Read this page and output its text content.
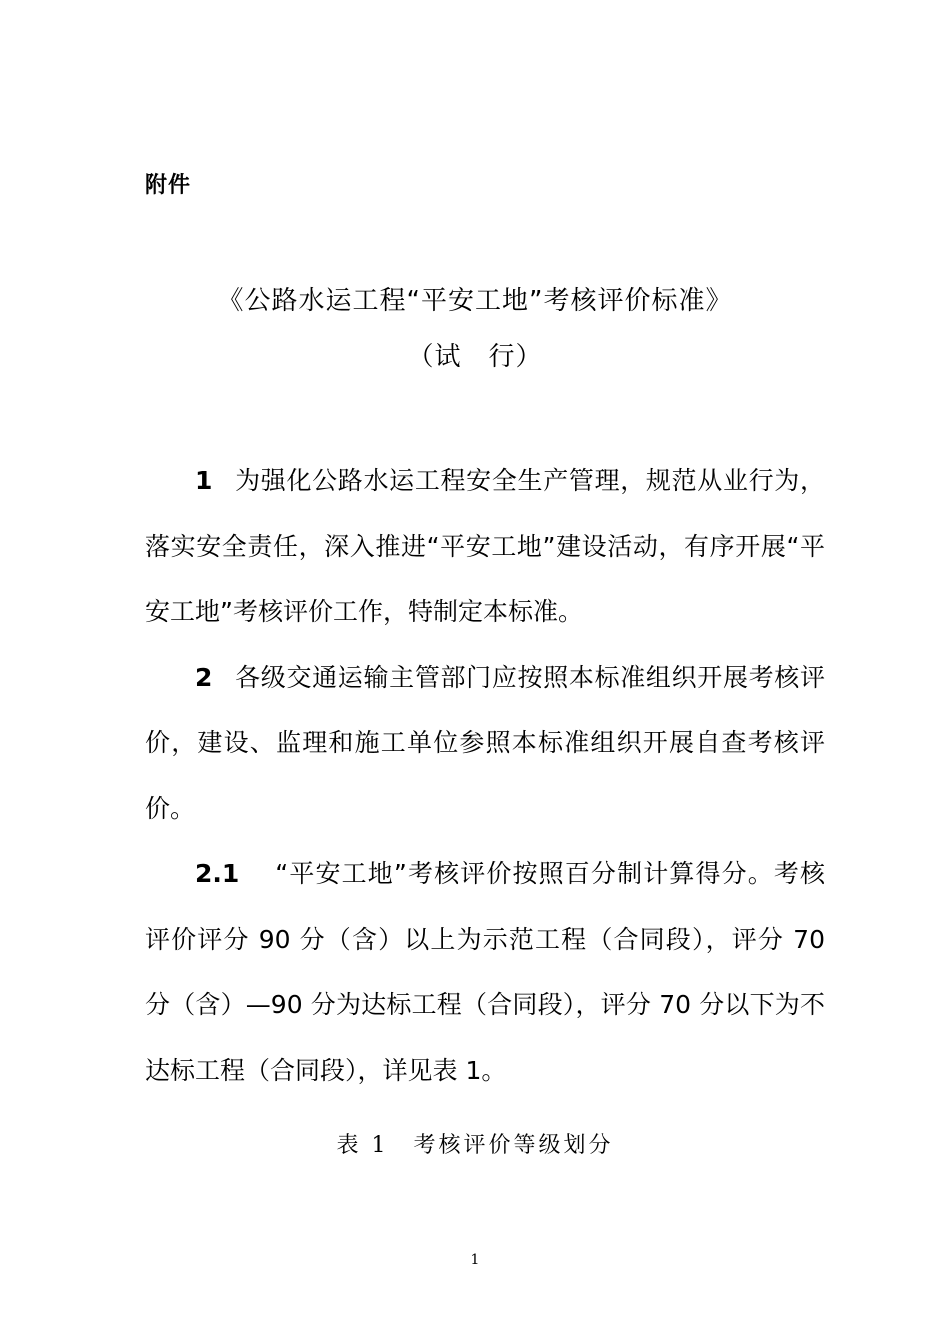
附件
《公路水运工程“平安工地”考核评价标准》
（试　行）

1 为强化公路水运工程安全生产管理，规范从业行为，落实安全责任，深入推进“平安工地”建设活动，有序开展“平安工地”考核评价工作，特制定本标准。

2 各级交通运输主管部门应按照本标准组织开展考核评价，建设、监理和施工单位参照本标准组织开展自查考核评价。

2.1 “平安工地”考核评价按照百分制计算得分。考核评价评分 90 分（含）以上为示范工程（合同段），评分 70 分（含）—90 分为达标工程（合同段），评分 70 分以下为不达标工程（合同段），详见表 1。

表 1　考核评价等级划分
1
